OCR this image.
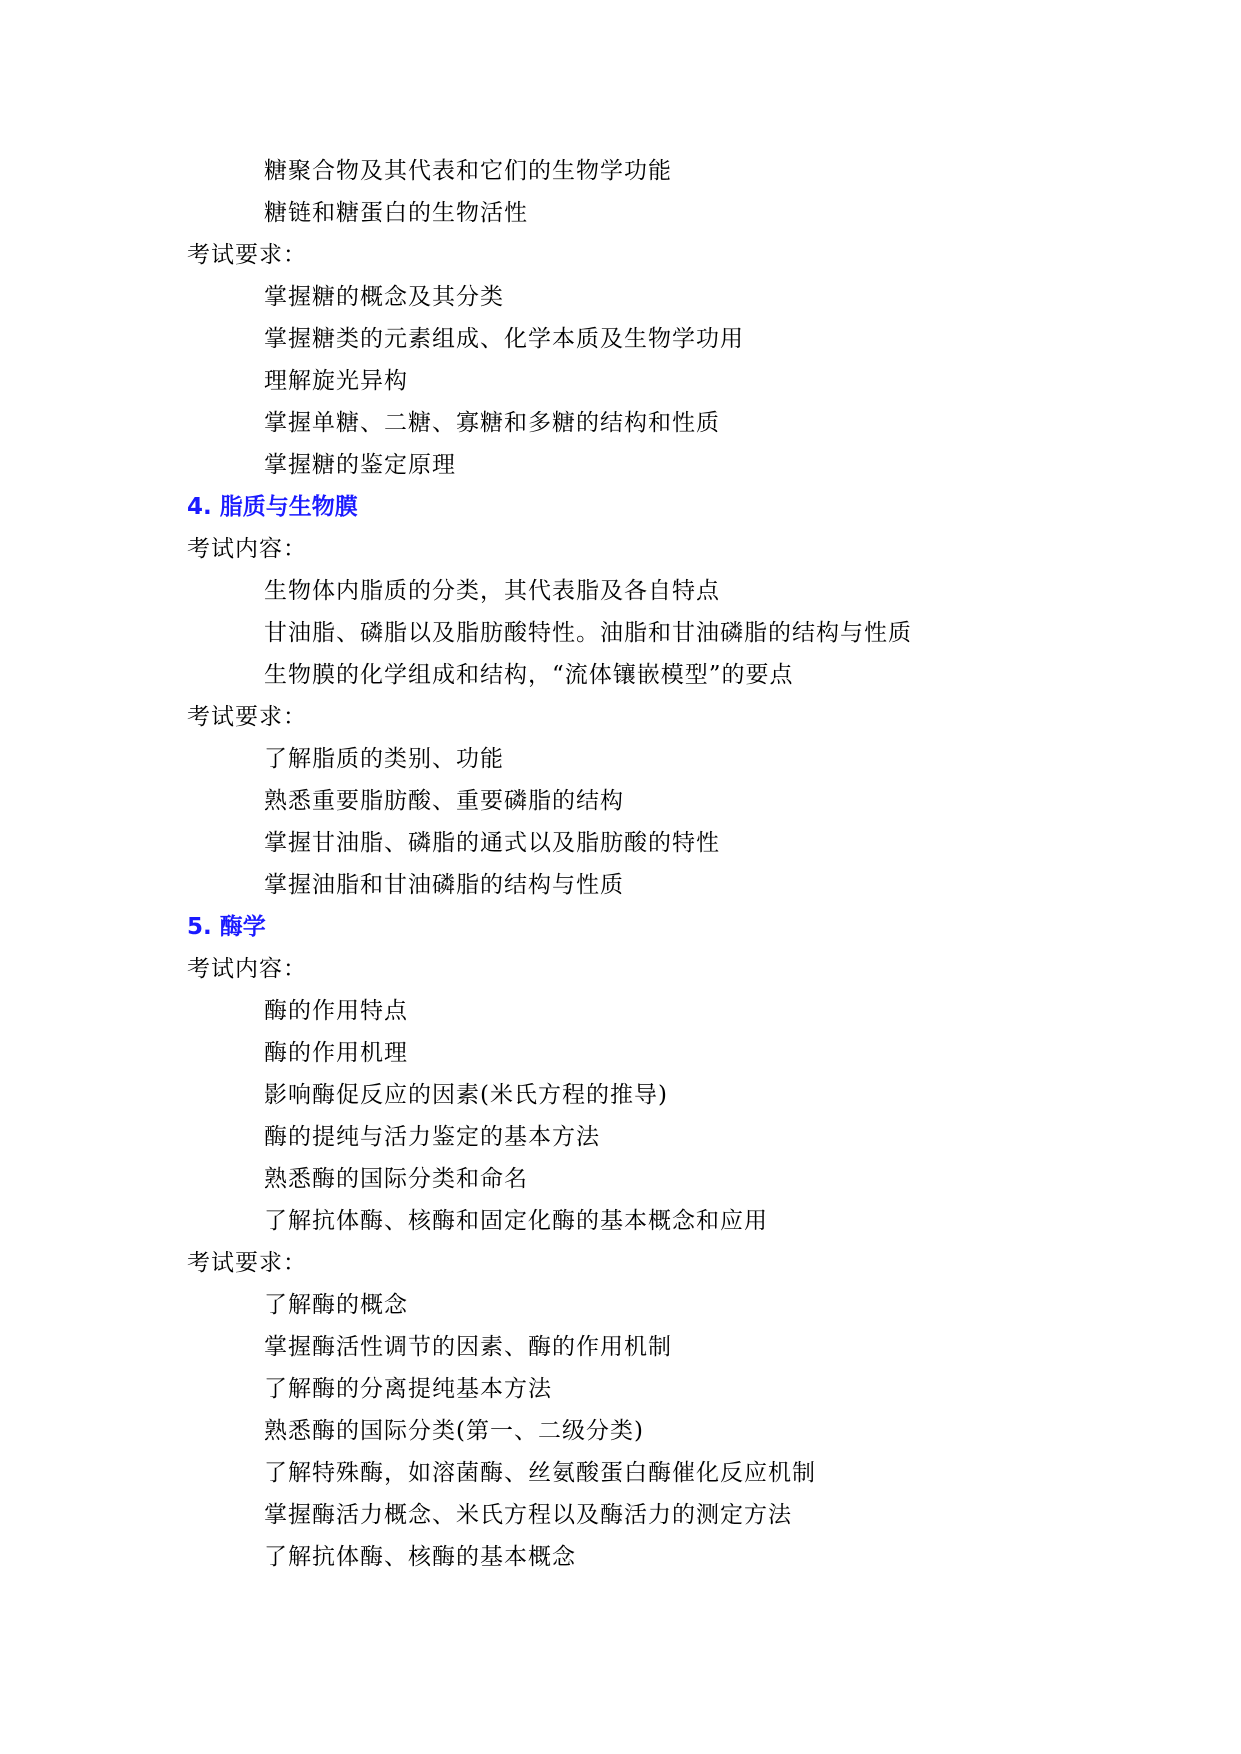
糖聚合物及其代表和它们的生物学功能
糖链和糖蛋白的生物活性
考试要求：
掌握糖的概念及其分类
掌握糖类的元素组成、化学本质及生物学功用
理解旋光异构
掌握单糖、二糖、寡糖和多糖的结构和性质
掌握糖的鉴定原理
4. 脂质与生物膜
考试内容：
生物体内脂质的分类，其代表脂及各自特点
甘油脂、磷脂以及脂肪酸特性。油脂和甘油磷脂的结构与性质
生物膜的化学组成和结构，“流体镶嵌模型”的要点
考试要求：
了解脂质的类别、功能
熟悉重要脂肪酸、重要磷脂的结构
掌握甘油脂、磷脂的通式以及脂肪酸的特性
掌握油脂和甘油磷脂的结构与性质
5. 酶学
考试内容：
酶的作用特点
酶的作用机理
影响酶促反应的因素(米氏方程的推导)
酶的提纯与活力鉴定的基本方法
熟悉酶的国际分类和命名
了解抗体酶、核酶和固定化酶的基本概念和应用
考试要求：
了解酶的概念
掌握酶活性调节的因素、酶的作用机制
了解酶的分离提纯基本方法
熟悉酶的国际分类(第一、二级分类)
了解特殊酶，如溶菌酶、丝氨酸蛋白酶催化反应机制
掌握酶活力概念、米氏方程以及酶活力的测定方法
了解抗体酶、核酶的基本概念
